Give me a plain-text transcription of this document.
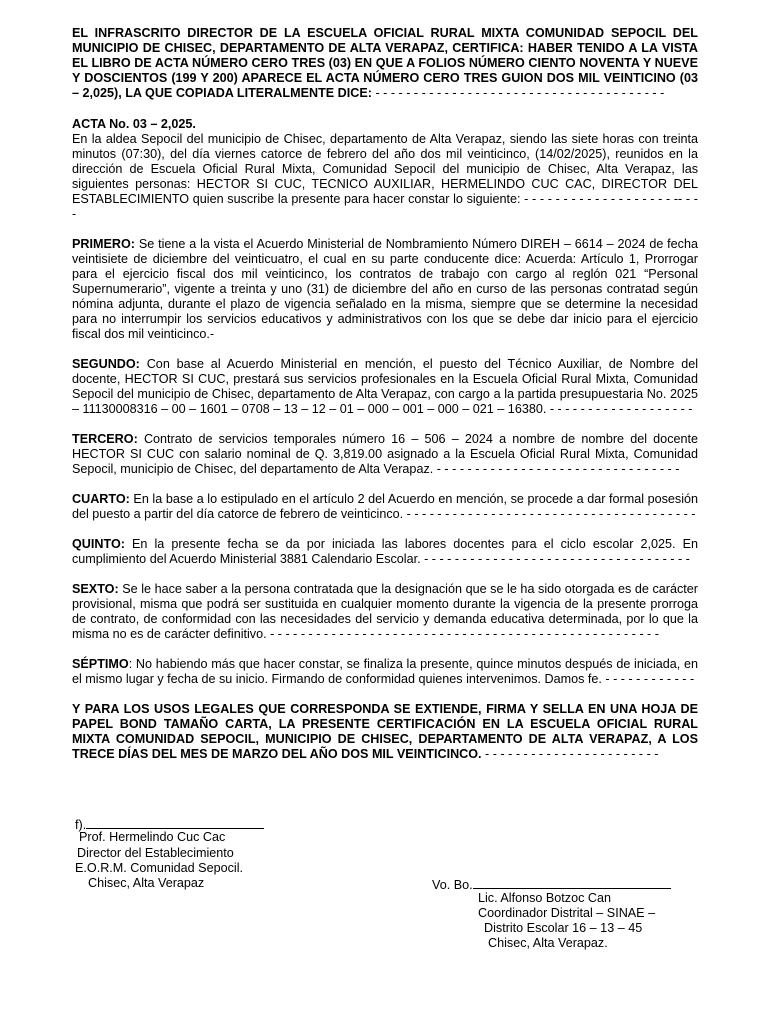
EL INFRASCRITO DIRECTOR DE LA ESCUELA OFICIAL RURAL MIXTA COMUNIDAD SEPOCIL DEL MUNICIPIO DE CHISEC, DEPARTAMENTO DE ALTA VERAPAZ, CERTIFICA: HABER TENIDO A LA VISTA EL LIBRO DE ACTA NÚMERO CERO TRES (03) EN QUE A FOLIOS NÚMERO CIENTO NOVENTA Y NUEVE Y DOSCIENTOS (199 Y 200) APARECE EL ACTA NÚMERO CERO TRES GUION DOS MIL VEINTICINO (03 – 2,025), LA QUE COPIADA LITERALMENTE DICE: - - - - - - - - - - - - - - - - - - - - - - - - - - - - - - - - - - - - - -

ACTA No. 03 – 2,025.

En la aldea Sepocil del municipio de Chisec, departamento de Alta Verapaz, siendo las siete horas con treinta minutos (07:30), del día viernes catorce de febrero del año dos mil veinticinco, (14/02/2025), reunidos en la dirección de Escuela Oficial Rural Mixta, Comunidad Sepocil del municipio de Chisec, Alta Verapaz, las siguientes personas: HECTOR SI CUC, TECNICO AUXILIAR, HERMELINDO CUC CAC, DIRECTOR DEL ESTABLECIMIENTO quien suscribe la presente para hacer constar lo siguiente: - - - - - - - - - - - - - - - - - - - -- - - -

PRIMERO: Se tiene a la vista el Acuerdo Ministerial de Nombramiento Número DIREH – 6614 – 2024 de fecha veintisiete de diciembre del veinticuatro, el cual en su parte conducente dice: Acuerda: Artículo 1, Prorrogar para el ejercicio fiscal dos mil veinticinco, los contratos de trabajo con cargo al reglón 021 “Personal Supernumerario”, vigente a treinta y uno (31) de diciembre del año en curso de las personas contratad según nómina adjunta, durante el plazo de vigencia señalado en la misma, siempre que se determine la necesidad para no interrumpir los servicios educativos y administrativos con los que se debe dar inicio para el ejercicio fiscal dos mil veinticinco.-

SEGUNDO: Con base al Acuerdo Ministerial en mención, el puesto del Técnico Auxiliar, de Nombre del docente, HECTOR SI CUC, prestará sus servicios profesionales en la Escuela Oficial Rural Mixta, Comunidad Sepocil del municipio de Chisec, departamento de Alta Verapaz, con cargo a la partida presupuestaria No. 2025 – 11130008316 – 00 – 1601 – 0708 – 13 – 12 – 01 – 000 – 001 – 000 – 021 – 16380. - - - - - - - - - - - - - - - - - - -

TERCERO: Contrato de servicios temporales número 16 – 506 – 2024 a nombre de nombre del docente HECTOR SI CUC con salario nominal de Q. 3,819.00 asignado a la Escuela Oficial Rural Mixta, Comunidad Sepocil, municipio de Chisec, del departamento de Alta Verapaz. - - - - - - - - - - - - - - - - - - - - - - - - - - - - - - - -

CUARTO: En la base a lo estipulado en el artículo 2 del Acuerdo en mención, se procede a dar formal posesión del puesto a partir del día catorce de febrero de veinticinco. - - - - - - - - - - - - - - - - - - - - - - - - - - - - - - - - - - - - - -

QUINTO: En la presente fecha se da por iniciada las labores docentes para el ciclo escolar 2,025. En cumplimiento del Acuerdo Ministerial 3881 Calendario Escolar. - - - - - - - - - - - - - - - - - - - - - - - - - - - - - - - - - - -

SEXTO: Se le hace saber a la persona contratada que la designación que se le ha sido otorgada es de carácter provisional, misma que podrá ser sustituida en cualquier momento durante la vigencia de la presente prorroga de contrato, de conformidad con las necesidades del servicio y demanda educativa determinada, por lo que la misma no es de carácter definitivo. - - - - - - - - - - - - - - - - - - - - - - - - - - - - - - - - - - - - - - - - - - - - - - - - - - -

SÉPTIMO: No habiendo más que hacer constar, se finaliza la presente, quince minutos después de iniciada, en el mismo lugar y fecha de su inicio. Firmando de conformidad quienes intervenimos. Damos fe. - - - - - - - - - - - -

Y PARA LOS USOS LEGALES QUE CORRESPONDA SE EXTIENDE, FIRMA Y SELLA EN UNA HOJA DE PAPEL BOND TAMAÑO CARTA, LA PRESENTE CERTIFICACIÓN EN LA ESCUELA OFICIAL RURAL MIXTA COMUNIDAD SEPOCIL, MUNICIPIO DE CHISEC, DEPARTAMENTO DE ALTA VERAPAZ, A LOS TRECE DÍAS DEL MES DE MARZO DEL AÑO DOS MIL VEINTICINCO. - - - - - - - - - - - - - - - - - - - - - - -

f).
Prof. Hermelindo Cuc Cac
Director del Establecimiento
E.O.R.M. Comunidad Sepocil.
Chisec, Alta Verapaz	Vo. Bo.
Lic. Alfonso Botzoc Can
Coordinador Distrital – SINAE –
Distrito Escolar 16 – 13 – 45
Chisec, Alta Verapaz.
